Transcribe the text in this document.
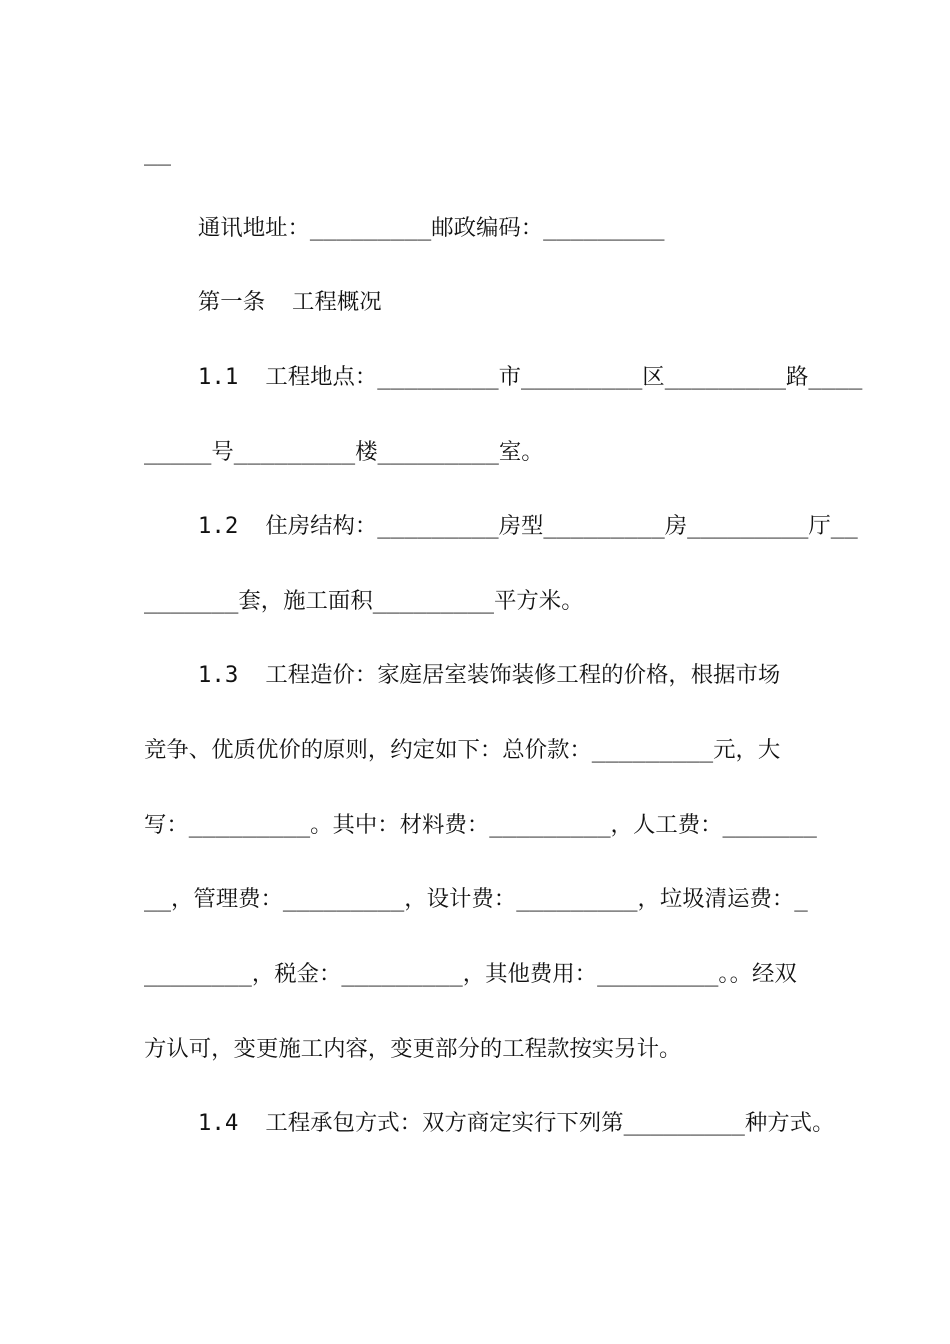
__
通讯地址：_________邮政编码：_________
第一条  工程概况
1.1  工程地点：_________市_________区_________路____
_____号_________楼_________室。
1.2  住房结构：_________房型_________房_________厅__
_______套，施工面积_________平方米。
1.3  工程造价：家庭居室装饰装修工程的价格，根据市场
竞争、优质优价的原则，约定如下：总价款：_________元，大
写：_________。其中：材料费：_________，人工费：_______
__，管理费：_________，设计费：_________，垃圾清运费：_
________，税金：_________，其他费用：_________。。经双
方认可，变更施工内容，变更部分的工程款按实另计。
1.4  工程承包方式：双方商定实行下列第_________种方式。
